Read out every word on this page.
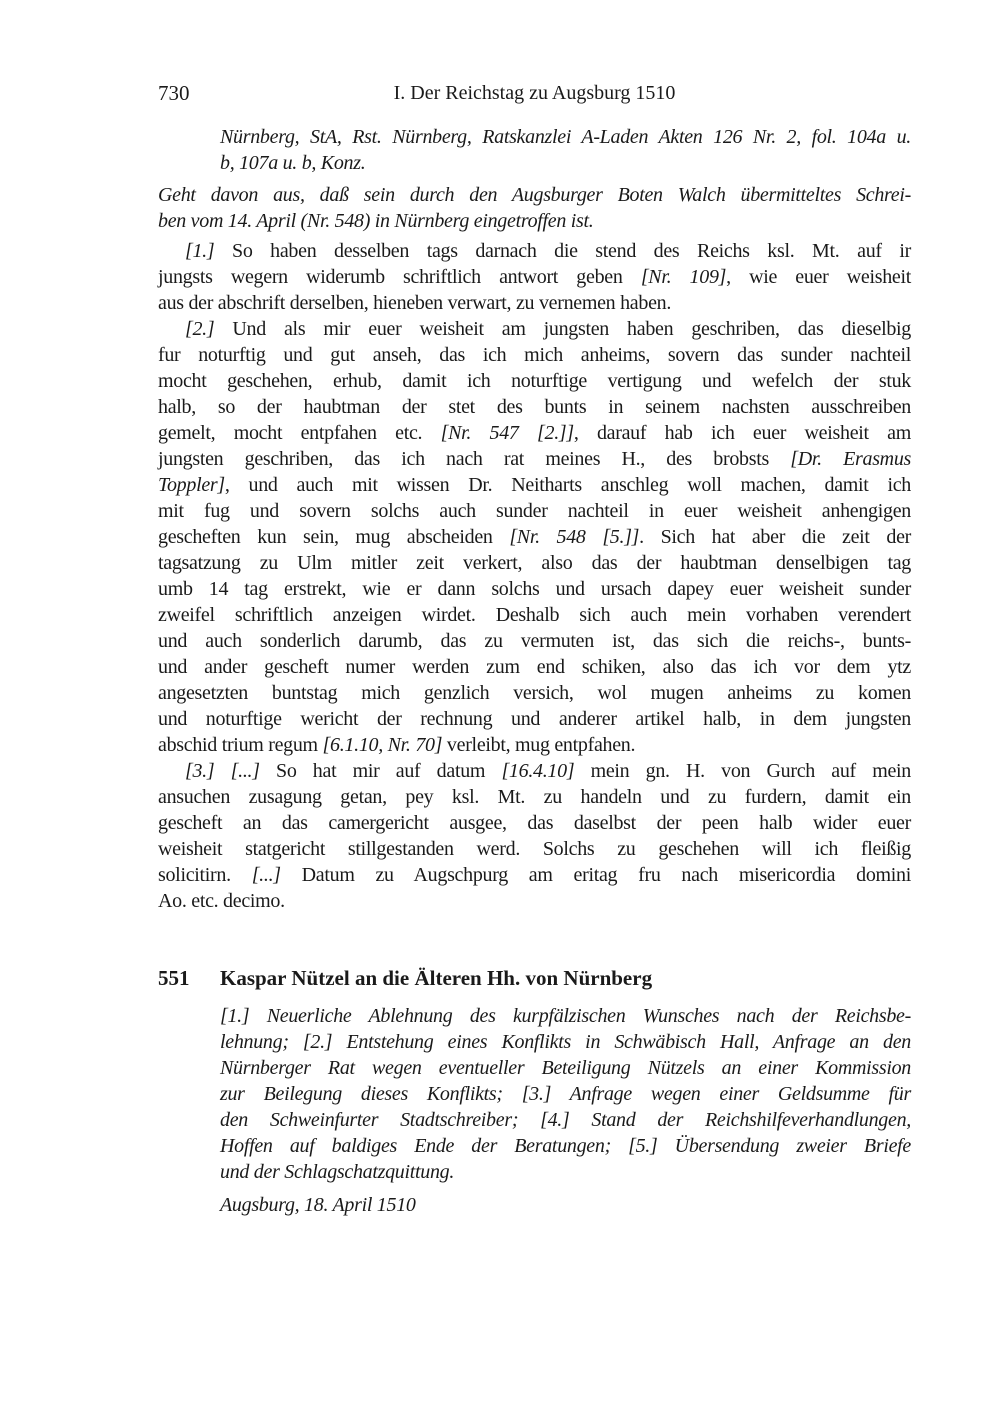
730	I. Der Reichstag zu Augsburg 1510
Nürnberg, StA, Rst. Nürnberg, Ratskanzlei A-Laden Akten 126 Nr. 2, fol. 104a u.
b, 107a u. b, Konz.
Geht davon aus, daß sein durch den Augsburger Boten Walch übermitteltes Schrei-
ben vom 14. April (Nr. 548) in Nürnberg eingetroffen ist.
[1.] So haben desselben tags darnach die stend des Reichs ksl. Mt. auf ir
jungsts wegern widerumb schriftlich antwort geben [Nr. 109], wie euer weisheit
aus der abschrift derselben, hieneben verwart, zu vernemen haben.
[2.] Und als mir euer weisheit am jungsten haben geschriben, das dieselbig
fur noturftig und gut anseh, das ich mich anheims, sovern das sunder nachteil
mocht geschehen, erhub, damit ich noturftige vertigung und wefelch der stuk
halb, so der haubtman der stet des bunts in seinem nachsten ausschreiben
gemelt, mocht entpfahen etc. [Nr. 547 [2.]], darauf hab ich euer weisheit am
jungsten geschriben, das ich nach rat meines H., des brobsts [Dr. Erasmus
Toppler], und auch mit wissen Dr. Neitharts anschleg woll machen, damit ich
mit fug und sovern solchs auch sunder nachteil in euer weisheit anhengigen
gescheften kun sein, mug abscheiden [Nr. 548 [5.]]. Sich hat aber die zeit der
tagsatzung zu Ulm mitler zeit verkert, also das der haubtman denselbigen tag
umb 14 tag erstrekt, wie er dann solchs und ursach dapey euer weisheit sunder
zweifel schriftlich anzeigen wirdet. Deshalb sich auch mein vorhaben verendert
und auch sonderlich darumb, das zu vermuten ist, das sich die reichs-, bunts-
und ander gescheft numer werden zum end schiken, also das ich vor dem ytz
angesetzten buntstag mich genzlich versich, wol mugen anheims zu komen
und noturftige wericht der rechnung und anderer artikel halb, in dem jungsten
abschid trium regum [6.1.10, Nr. 70] verleibt, mug entpfahen.
[3.] [...] So hat mir auf datum [16.4.10] mein gn. H. von Gurch auf mein
ansuchen zusagung getan, pey ksl. Mt. zu handeln und zu furdern, damit ein
gescheft an das camergericht ausgee, das daselbst der peen halb wider euer
weisheit statgericht stillgestanden werd. Solchs zu geschehen will ich fleißig
solicitirn. [...] Datum zu Augschpurg am eritag fru nach misericordia domini
Ao. etc. decimo.
551	Kaspar Nützel an die Älteren Hh. von Nürnberg
[1.] Neuerliche Ablehnung des kurpfälzischen Wunsches nach der Reichsbe-
lehnung; [2.] Entstehung eines Konflikts in Schwäbisch Hall, Anfrage an den
Nürnberger Rat wegen eventueller Beteiligung Nützels an einer Kommission
zur Beilegung dieses Konflikts; [3.] Anfrage wegen einer Geldsumme für
den Schweinfurter Stadtschreiber; [4.] Stand der Reichshilfeverhandlungen,
Hoffen auf baldiges Ende der Beratungen; [5.] Übersendung zweier Briefe
und der Schlagschatzquittung.
Augsburg, 18. April 1510
